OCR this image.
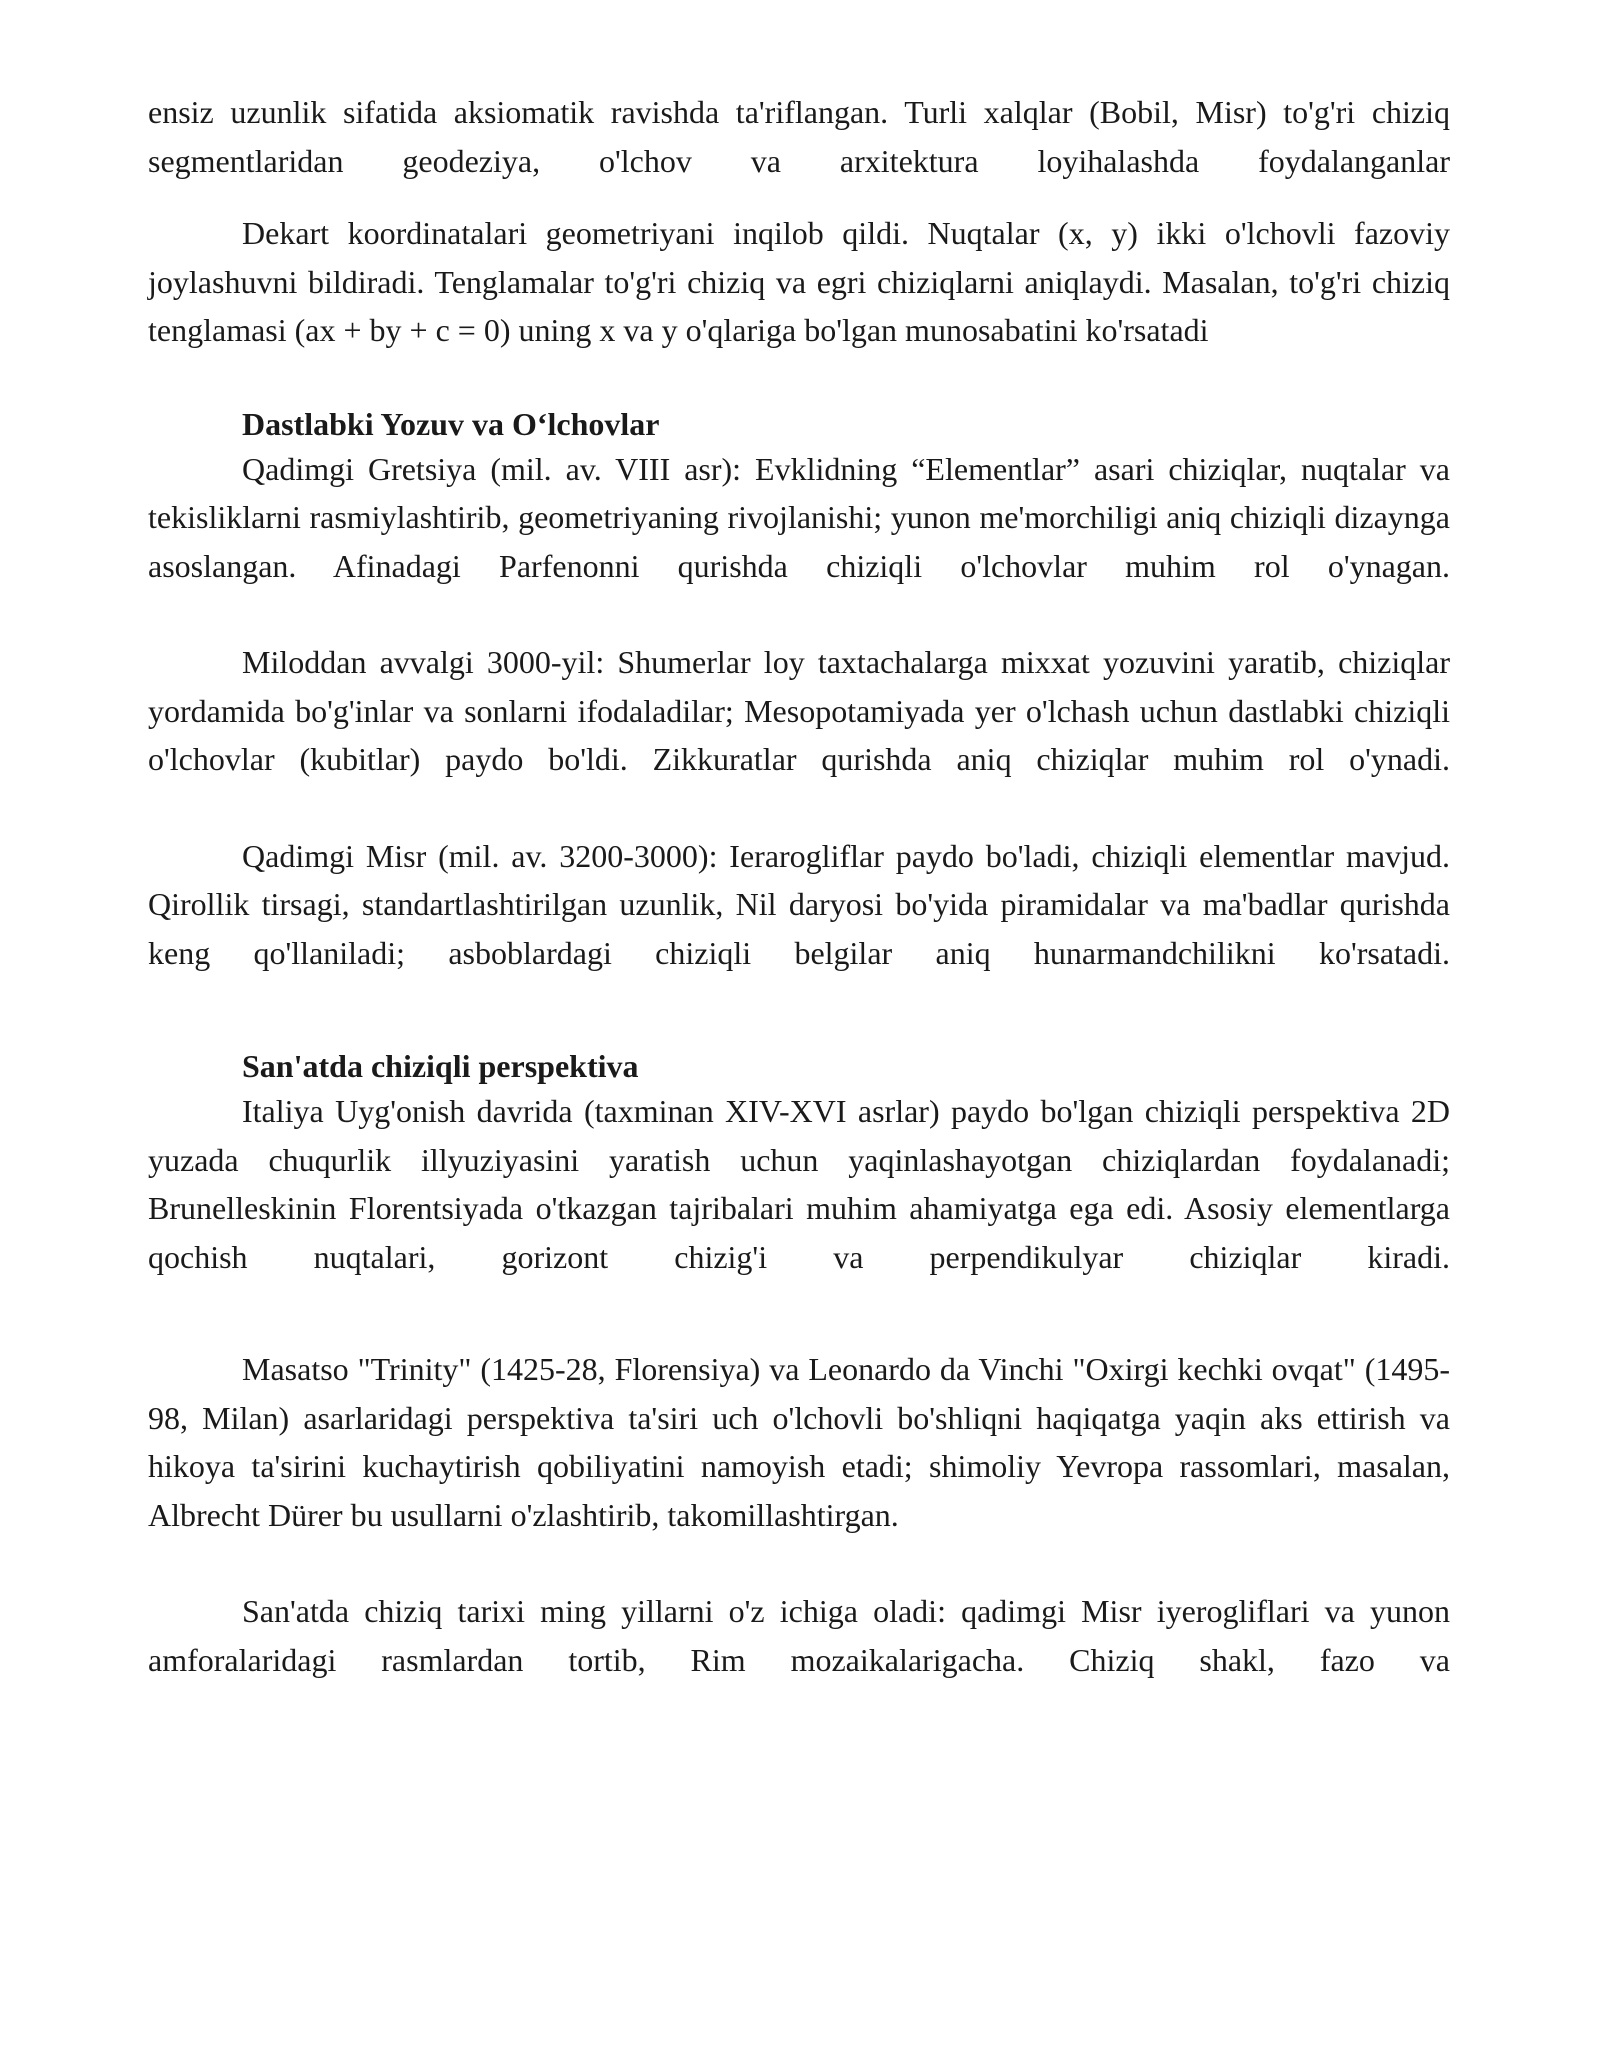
ensiz uzunlik sifatida aksiomatik ravishda ta'riflangan. Turli xalqlar (Bobil, Misr) to'g'ri chiziq segmentlaridan geodeziya, o'lchov va arxitektura loyihalashda foydalanganlar

Dekart koordinatalari geometriyani inqilob qildi. Nuqtalar (x, y) ikki o'lchovli fazoviy joylashuvni bildiradi. Tenglamalar to'g'ri chiziq va egri chiziqlarni aniqlaydi. Masalan, to'g'ri chiziq tenglamasi (ax + by + c = 0) uning x va y o'qlariga bo'lgan munosabatini ko'rsatadi

Dastlabki Yozuv va Oʻlchovlar

Qadimgi Gretsiya (mil. av. VIII asr): Evklidning “Elementlar” asari chiziqlar, nuqtalar va tekisliklarni rasmiylashtirib, geometriyaning rivojlanishi; yunon me'morchiligi aniq chiziqli dizaynga asoslangan. Afinadagi Parfenonni qurishda chiziqli o'lchovlar muhim rol o'ynagan.

Miloddan avvalgi 3000-yil: Shumerlar loy taxtachalarga mixxat yozuvini yaratib, chiziqlar yordamida bo'g'inlar va sonlarni ifodaladilar; Mesopotamiyada yer o'lchash uchun dastlabki chiziqli o'lchovlar (kubitlar) paydo bo'ldi. Zikkuratlar qurishda aniq chiziqlar muhim rol o'ynadi.

Qadimgi Misr (mil. av. 3200-3000): Ierarogliflar paydo bo'ladi, chiziqli elementlar mavjud. Qirollik tirsagi, standartlashtirilgan uzunlik, Nil daryosi bo'yida piramidalar va ma'badlar qurishda keng qo'llaniladi; asboblardagi chiziqli belgilar aniq hunarmandchilikni ko'rsatadi.

San'atda chiziqli perspektiva

Italiya Uyg'onish davrida (taxminan XIV-XVI asrlar) paydo bo'lgan chiziqli perspektiva 2D yuzada chuqurlik illyuziyasini yaratish uchun yaqinlashayotgan chiziqlardan foydalanadi; Brunelleskinin Florentsiyada o'tkazgan tajribalari muhim ahamiyatga ega edi. Asosiy elementlarga qochish nuqtalari, gorizont chizig'i va perpendikulyar chiziqlar kiradi.

Masatso "Trinity" (1425-28, Florensiya) va Leonardo da Vinchi "Oxirgi kechki ovqat" (1495-98, Milan) asarlaridagi perspektiva ta'siri uch o'lchovli bo'shliqni haqiqatga yaqin aks ettirish va hikoya ta'sirini kuchaytirish qobiliyatini namoyish etadi; shimoliy Yevropa rassomlari, masalan, Albrecht Dürer bu usullarni o'zlashtirib, takomillashtirgan.

San'atda chiziq tarixi ming yillarni o'z ichiga oladi: qadimgi Misr iyerogliflari va yunon amforalaridagi rasmlardan tortib, Rim mozaikalarigacha. Chiziq shakl, fazo va
